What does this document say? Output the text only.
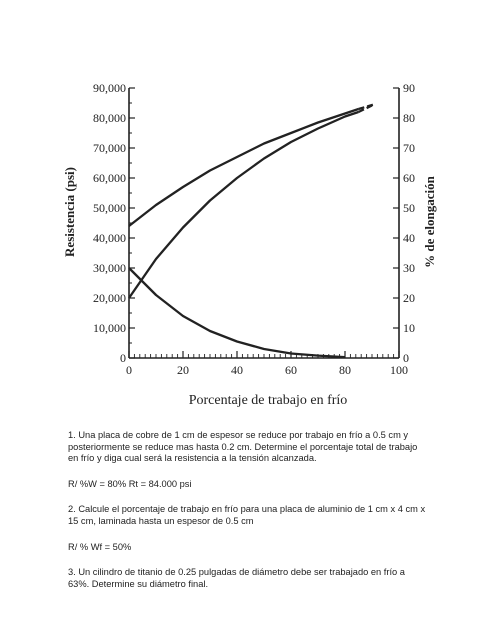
0
10,000
20,000
30,000
40,000
50,000
60,000
70,000
80,000
90,000
0
10
20
30
40
50
60
70
80
90
0	20	40	60	80	100
Resistencia (psi)	% de elongación
Porcentaje de trabajo en frío

1. Una placa de cobre de 1 cm de espesor se reduce por trabajo en frío a 0.5 cm y
posteriormente se reduce mas hasta 0.2 cm. Determine el porcentaje total de trabajo
en frío y diga cual será la resistencia a la tensión alcanzada.

R/ %W = 80% Rt = 84.000 psi

2. Calcule el porcentaje de trabajo en frío para una placa de aluminio de 1 cm x 4 cm x
15 cm, laminada hasta un espesor de 0.5 cm

R/ % Wf = 50%

3. Un cilindro de titanio de 0.25 pulgadas de diámetro debe ser trabajado en frío a
63%. Determine su diámetro final.
